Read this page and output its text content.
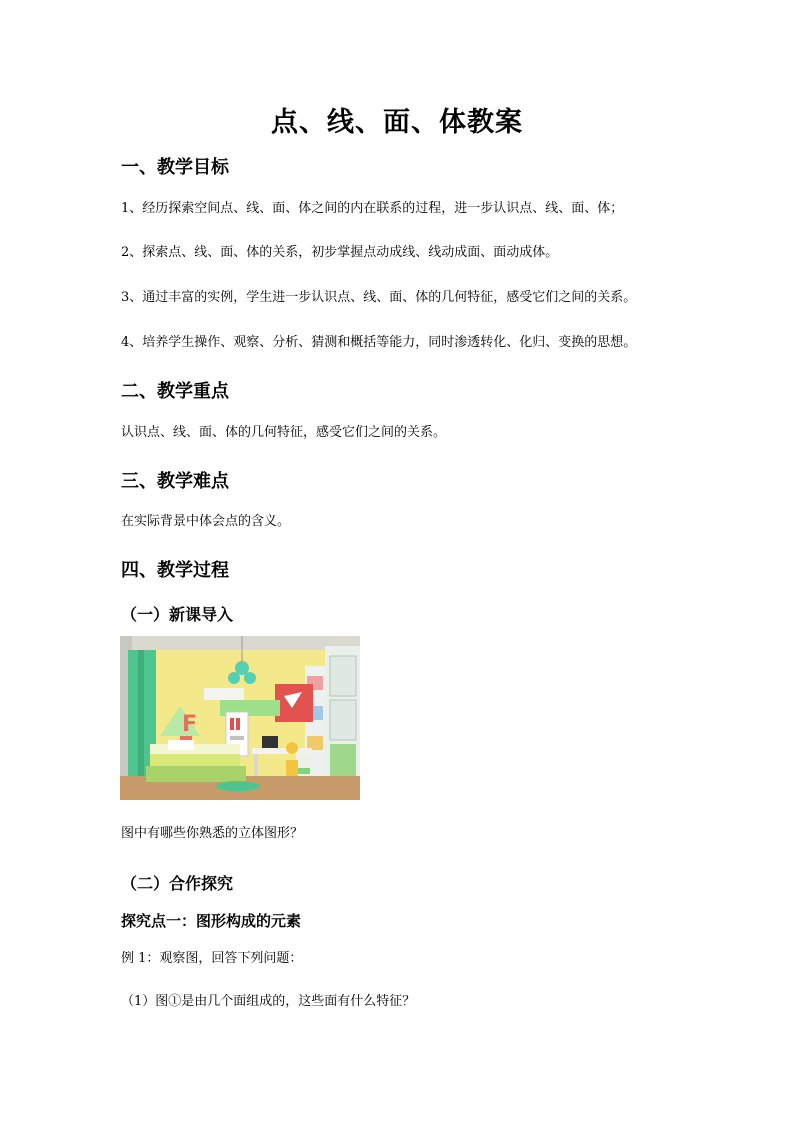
点、线、面、体教案
一、教学目标
1、经历探索空间点、线、面、体之间的内在联系的过程，进一步认识点、线、面、体；
2、探索点、线、面、体的关系，初步掌握点动成线、线动成面、面动成体。
3、通过丰富的实例，学生进一步认识点、线、面、体的几何特征，感受它们之间的关系。
4、培养学生操作、观察、分析、猜测和概括等能力，同时渗透转化、化归、变换的思想。
二、教学重点
认识点、线、面、体的几何特征，感受它们之间的关系。
三、教学难点
在实际背景中体会点的含义。
四、教学过程
（一）新课导入
F
图中有哪些你熟悉的立体图形？
（二）合作探究
探究点一：图形构成的元素
例 1：观察图，回答下列问题：
（1）图①是由几个面组成的，这些面有什么特征？
